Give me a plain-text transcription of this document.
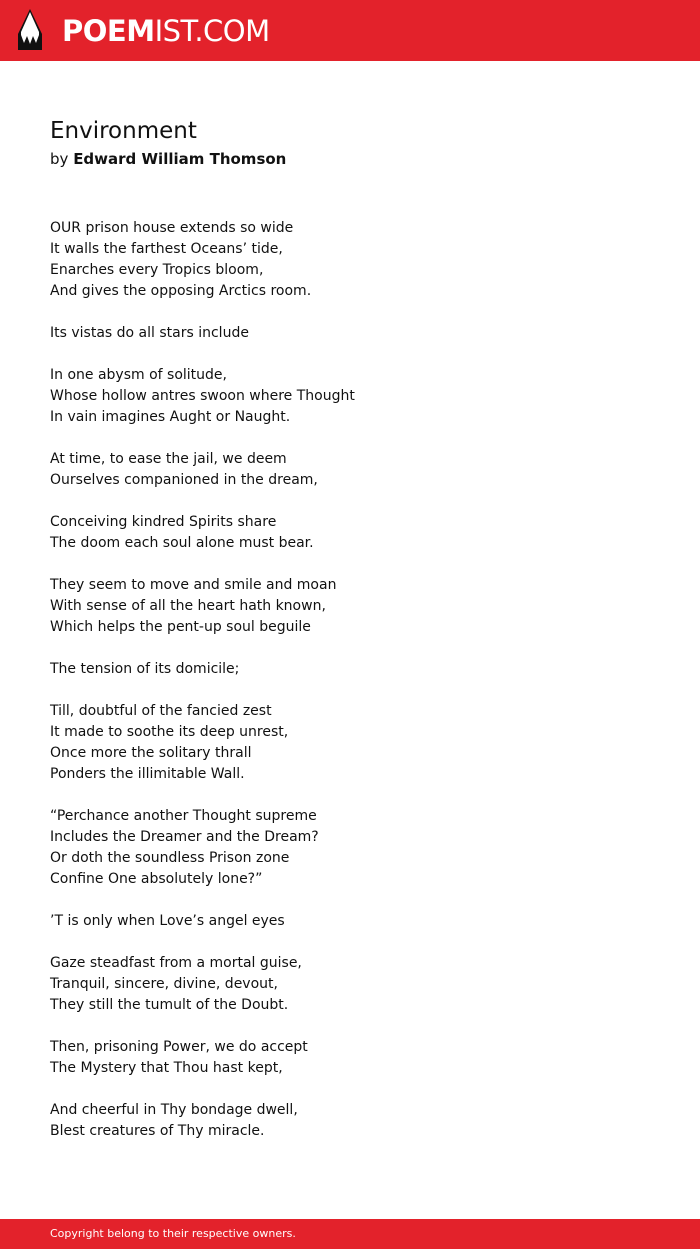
POEMIST.COM
Environment
by Edward William Thomson
OUR prison house extends so wide
It walls the farthest Oceans’ tide,
Enarches every Tropics bloom,
And gives the opposing Arctics room.
Its vistas do all stars include
In one abysm of solitude,
Whose hollow antres swoon where Thought
In vain imagines Aught or Naught.
At time, to ease the jail, we deem
Ourselves companioned in the dream,
Conceiving kindred Spirits share
The doom each soul alone must bear.
They seem to move and smile and moan
With sense of all the heart hath known,
Which helps the pent-up soul beguile
The tension of its domicile;
Till, doubtful of the fancied zest
It made to soothe its deep unrest,
Once more the solitary thrall
Ponders the illimitable Wall.
“Perchance another Thought supreme
Includes the Dreamer and the Dream?
Or doth the soundless Prison zone
Confine One absolutely lone?”
’T is only when Love’s angel eyes
Gaze steadfast from a mortal guise,
Tranquil, sincere, divine, devout,
They still the tumult of the Doubt.
Then, prisoning Power, we do accept
The Mystery that Thou hast kept,
And cheerful in Thy bondage dwell,
Blest creatures of Thy miracle.
Copyright belong to their respective owners.
